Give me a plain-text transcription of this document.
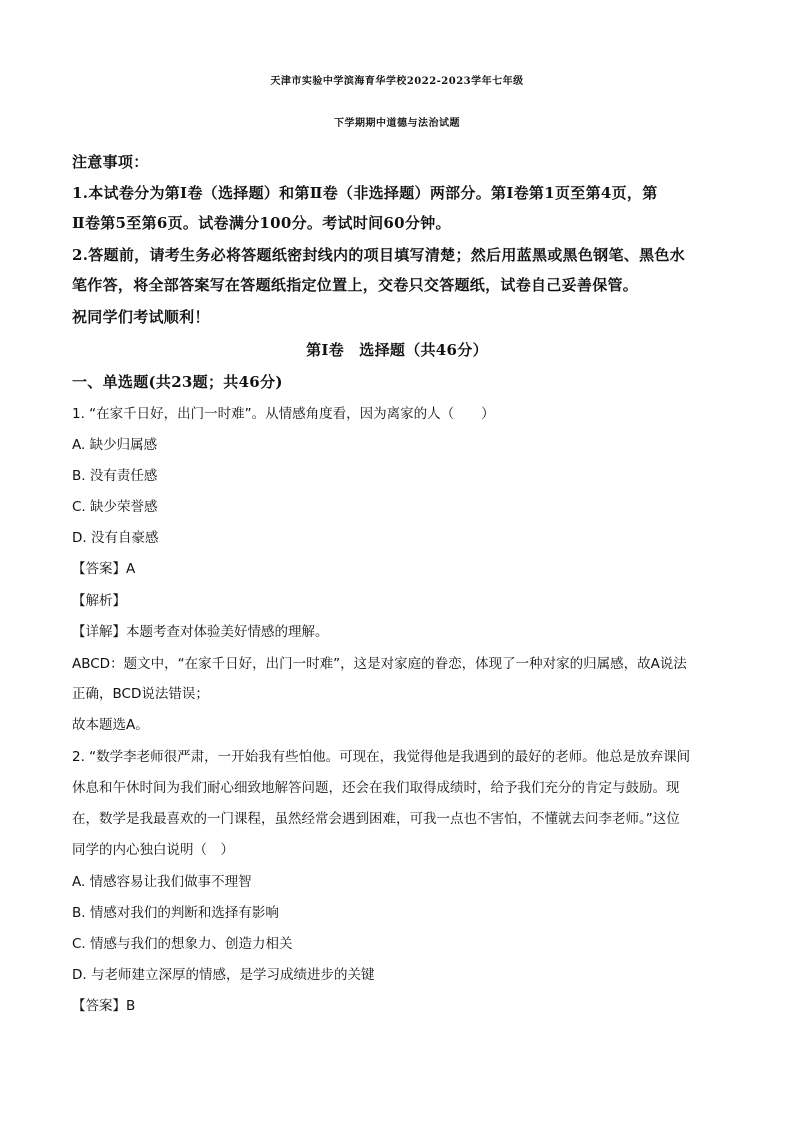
天津市实验中学滨海育华学校2022-2023学年七年级
下学期期中道德与法治试题
注意事项：
1.本试卷分为第Ⅰ卷（选择题）和第Ⅱ卷（非选择题）两部分。第Ⅰ卷第1页至第4页，第
Ⅱ卷第5至第6页。试卷满分100分。考试时间60分钟。
2.答题前，请考生务必将答题纸密封线内的项目填写清楚；然后用蓝黑或黑色钢笔、黑色水
笔作答，将全部答案写在答题纸指定位置上，交卷只交答题纸，试卷自己妥善保管。
祝同学们考试顺利！
第Ⅰ卷　选择题（共46分）
一、单选题(共23题；共46分)
1. “在家千日好，出门一时难”。从情感角度看，因为离家的人（　　）
A. 缺少归属感
B. 没有责任感
C. 缺少荣誉感
D. 没有自豪感
【答案】A
【解析】
【详解】本题考查对体验美好情感的理解。
ABCD：题文中，“在家千日好，出门一时难”，这是对家庭的眷恋，体现了一种对家的归属感，故A说法
正确，BCD说法错误；
故本题选A。
2. “数学李老师很严肃，一开始我有些怕他。可现在，我觉得他是我遇到的最好的老师。他总是放弃课间
休息和午休时间为我们耐心细致地解答问题，还会在我们取得成绩时，给予我们充分的肯定与鼓励。现
在，数学是我最喜欢的一门课程，虽然经常会遇到困难，可我一点也不害怕，不懂就去问李老师。”这位
同学的内心独白说明（　）
A. 情感容易让我们做事不理智
B. 情感对我们的判断和选择有影响
C. 情感与我们的想象力、创造力相关
D. 与老师建立深厚的情感，是学习成绩进步的关键
【答案】B
